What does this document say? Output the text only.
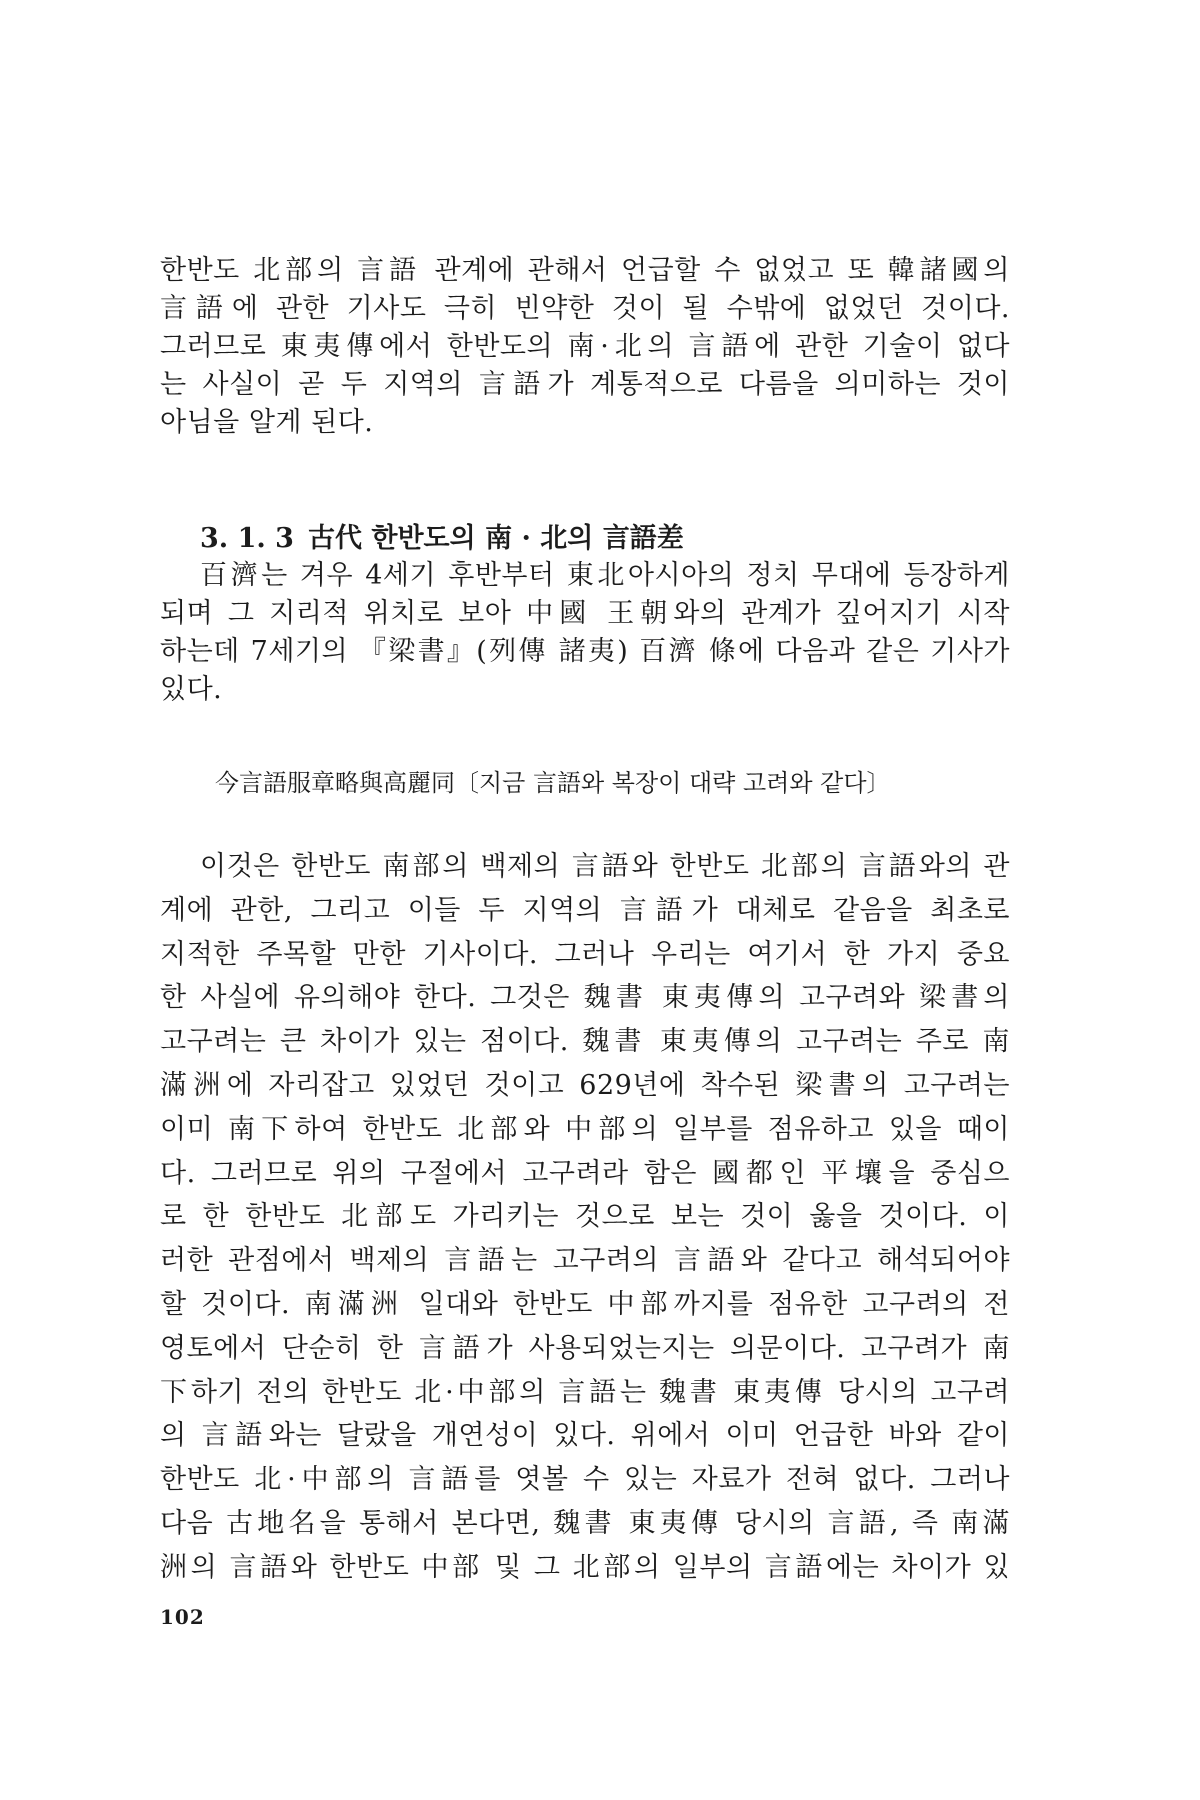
한반도 北部의 言語 관계에 관해서 언급할 수 없었고 또 韓諸國의
言語에 관한 기사도 극히 빈약한 것이 될 수밖에 없었던 것이다.
그러므로 東夷傳에서 한반도의 南·北의 言語에 관한 기술이 없다
는 사실이 곧 두 지역의 言語가 계통적으로 다름을 의미하는 것이
아님을 알게 된다.
3. 1. 3 古代 한반도의 南 · 北의 言語差
百濟는 겨우 4세기 후반부터 東北아시아의 정치 무대에 등장하게
되며 그 지리적 위치로 보아 中國 王朝와의 관계가 깊어지기 시작
하는데 7세기의 『梁書』(列傳 諸夷) 百濟 條에 다음과 같은 기사가
있다.

今言語服章略與高麗同〔지금 言語와 복장이 대략 고려와 같다〕

이것은 한반도 南部의 백제의 言語와 한반도 北部의 言語와의 관
계에 관한, 그리고 이들 두 지역의 言語가 대체로 같음을 최초로
지적한 주목할 만한 기사이다. 그러나 우리는 여기서 한 가지 중요
한 사실에 유의해야 한다. 그것은 魏書 東夷傳의 고구려와 梁書의
고구려는 큰 차이가 있는 점이다. 魏書 東夷傳의 고구려는 주로 南
滿洲에 자리잡고 있었던 것이고 629년에 착수된 梁書의 고구려는
이미 南下하여 한반도 北部와 中部의 일부를 점유하고 있을 때이
다. 그러므로 위의 구절에서 고구려라 함은 國都인 平壤을 중심으
로 한 한반도 北部도 가리키는 것으로 보는 것이 옳을 것이다. 이
러한 관점에서 백제의 言語는 고구려의 言語와 같다고 해석되어야
할 것이다. 南滿洲 일대와 한반도 中部까지를 점유한 고구려의 전
영토에서 단순히 한 言語가 사용되었는지는 의문이다. 고구려가 南
下하기 전의 한반도 北·中部의 言語는 魏書 東夷傳 당시의 고구려
의 言語와는 달랐을 개연성이 있다. 위에서 이미 언급한 바와 같이
한반도 北·中部의 言語를 엿볼 수 있는 자료가 전혀 없다. 그러나
다음 古地名을 통해서 본다면, 魏書 東夷傳 당시의 言語, 즉 南滿
洲의 言語와 한반도 中部 및 그 北部의 일부의 言語에는 차이가 있

102
